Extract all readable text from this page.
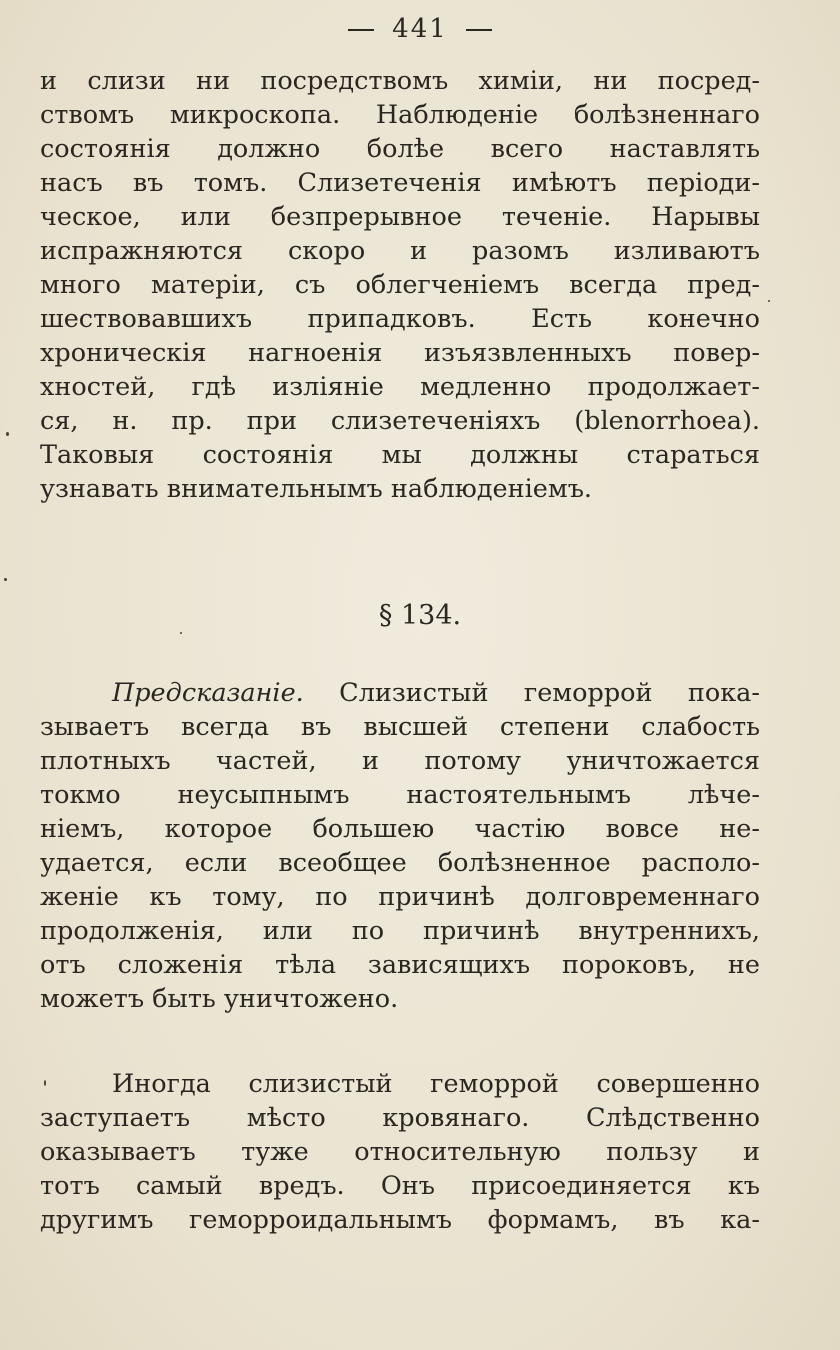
441
и слизи ни посредствомъ химіи, ни посред-
ствомъ микроскопа. Наблюденіе болѣзненнаго
состоянія должно болѣе всего наставлять
насъ въ томъ. Слизетеченія имѣютъ періоди-
ческое, или безпрерывное теченіе. Нарывы
испражняются скоро и разомъ изливаютъ
много матеріи, съ облегченіемъ всегда пред-
шествовавшихъ припадковъ. Есть конечно
хроническія нагноенія изъязвленныхъ повер-
хностей, гдѣ изліяніе медленно продолжает-
ся, н. пр. при слизетеченіяхъ (blenorrhoea).
Таковыя состоянія мы должны стараться
узнавать внимательнымъ наблюденіемъ.
§ 134.
Предсказаніе. Слизистый геморрой пока-
зываетъ всегда въ высшей степени слабость
плотныхъ частей, и потому уничтожается
токмо неусыпнымъ настоятельнымъ лѣче-
ніемъ, которое большею частію вовсе не-
удается, если всеобщее болѣзненное располо-
женіе къ тому, по причинѣ долговременнаго
продолженія, или по причинѣ внутреннихъ,
отъ сложенія тѣла зависящихъ пороковъ, не
можетъ быть уничтожено.
Иногда слизистый геморрой совершенно
заступаетъ мѣсто кровянаго. Слѣдственно
оказываетъ туже относительную пользу и
тотъ самый вредъ. Онъ присоединяется къ
другимъ геморроидальнымъ формамъ, въ ка-
